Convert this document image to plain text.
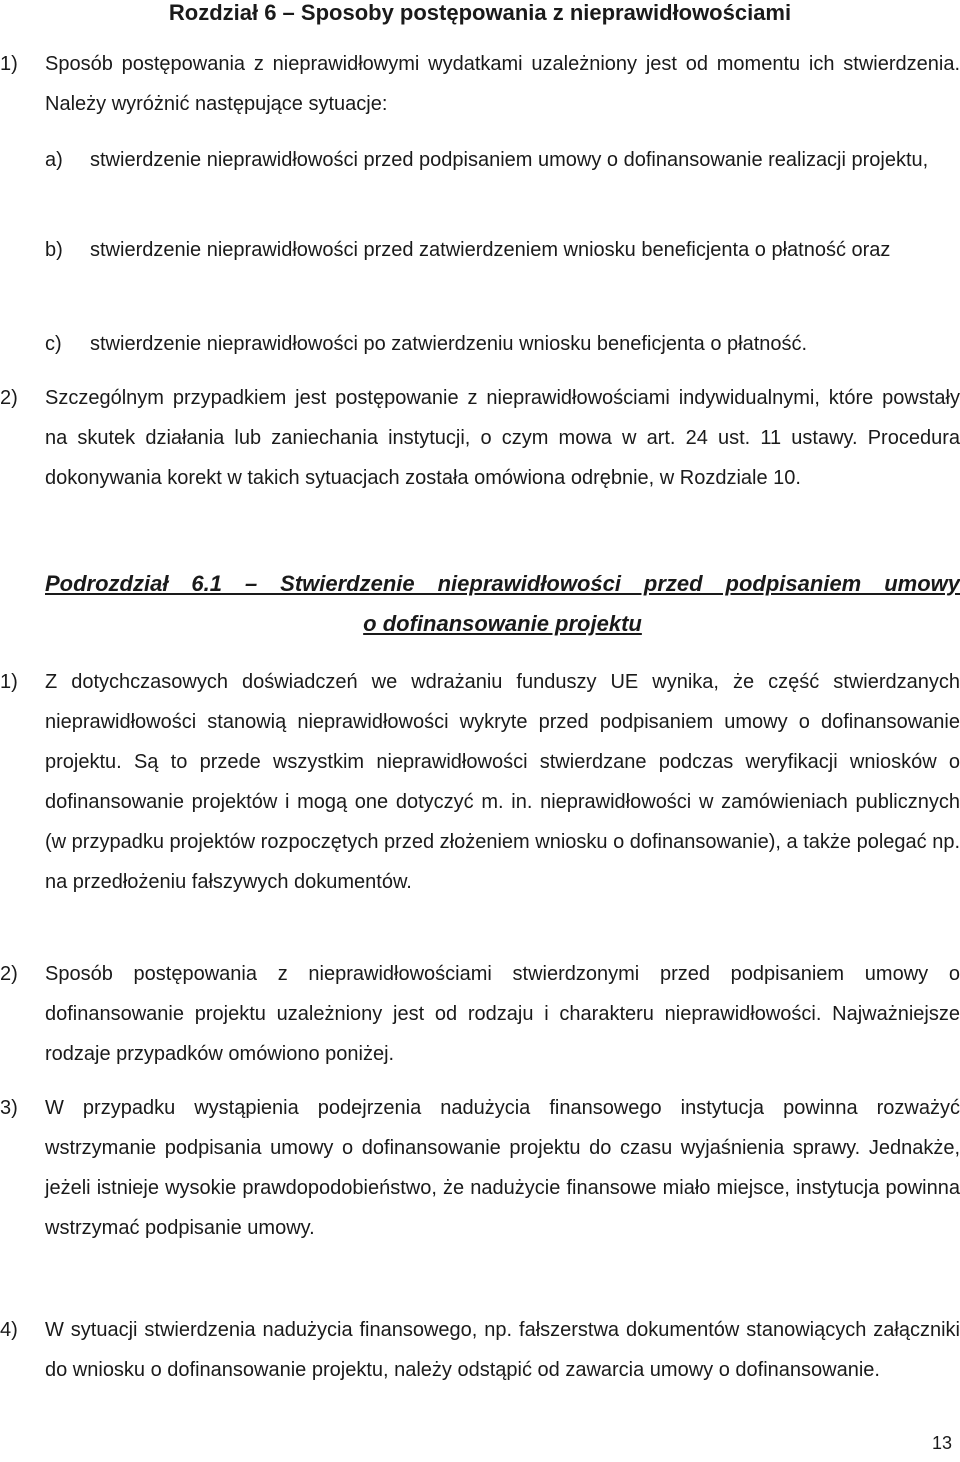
Rozdział 6 – Sposoby postępowania z nieprawidłowościami
1) Sposób postępowania z nieprawidłowymi wydatkami uzależniony jest od momentu ich stwierdzenia. Należy wyróżnić następujące sytuacje:
a) stwierdzenie nieprawidłowości przed podpisaniem umowy o dofinansowanie realizacji projektu,
b) stwierdzenie nieprawidłowości przed zatwierdzeniem wniosku beneficjenta o płatność oraz
c) stwierdzenie nieprawidłowości po zatwierdzeniu wniosku beneficjenta o płatność.
2) Szczególnym przypadkiem jest postępowanie z nieprawidłowościami indywidualnymi, które powstały na skutek działania lub zaniechania instytucji, o czym mowa w art. 24 ust. 11 ustawy. Procedura dokonywania korekt w takich sytuacjach została omówiona odrębnie, w Rozdziale 10.
Podrozdział 6.1 – Stwierdzenie nieprawidłowości przed podpisaniem umowy
o dofinansowanie projektu
1) Z dotychczasowych doświadczeń we wdrażaniu funduszy UE wynika, że część stwierdzanych nieprawidłowości stanowią nieprawidłowości wykryte przed podpisaniem umowy o dofinansowanie projektu. Są to przede wszystkim nieprawidłowości stwierdzane podczas weryfikacji wniosków o dofinansowanie projektów i mogą one dotyczyć m. in. nieprawidłowości w zamówieniach publicznych (w przypadku projektów rozpoczętych przed złożeniem wniosku o dofinansowanie), a także polegać np. na przedłożeniu fałszywych dokumentów.
2) Sposób postępowania z nieprawidłowościami stwierdzonymi przed podpisaniem umowy o dofinansowanie projektu uzależniony jest od rodzaju i charakteru nieprawidłowości. Najważniejsze rodzaje przypadków omówiono poniżej.
3) W przypadku wystąpienia podejrzenia nadużycia finansowego instytucja powinna rozważyć wstrzymanie podpisania umowy o dofinansowanie projektu do czasu wyjaśnienia sprawy. Jednakże, jeżeli istnieje wysokie prawdopodobieństwo, że nadużycie finansowe miało miejsce, instytucja powinna wstrzymać podpisanie umowy.
4) W sytuacji stwierdzenia nadużycia finansowego, np. fałszerstwa dokumentów stanowiących załączniki do wniosku o dofinansowanie projektu, należy odstąpić od zawarcia umowy o dofinansowanie.
13
